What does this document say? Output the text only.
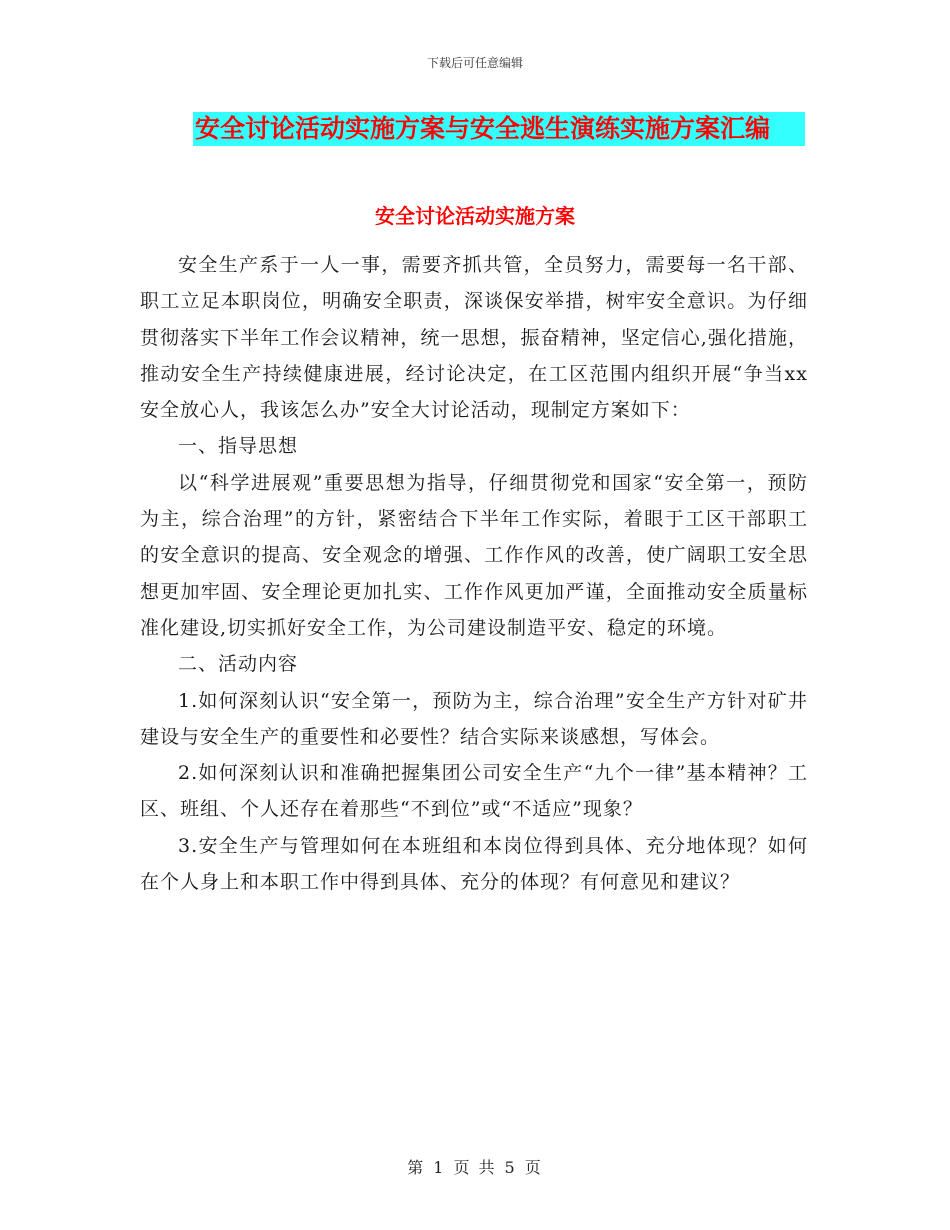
下载后可任意编辑
安全讨论活动实施方案与安全逃生演练实施方案汇编
安全讨论活动实施方案

安全生产系于一人一事，需要齐抓共管，全员努力，需要每一名干部、职工立足本职岗位，明确安全职责，深谈保安举措，树牢安全意识。为仔细贯彻落实下半年工作会议精神，统一思想，振奋精神，坚定信心,强化措施，推动安全生产持续健康进展，经讨论决定，在工区范围内组织开展“争当xx安全放心人，我该怎么办”安全大讨论活动，现制定方案如下：

一、指导思想

以“科学进展观”重要思想为指导，仔细贯彻党和国家“安全第一，预防为主，综合治理”的方针，紧密结合下半年工作实际，着眼于工区干部职工的安全意识的提高、安全观念的增强、工作作风的改善，使广阔职工安全思想更加牢固、安全理论更加扎实、工作作风更加严谨，全面推动安全质量标准化建设,切实抓好安全工作，为公司建设制造平安、稳定的环境。

二、活动内容

1.如何深刻认识“安全第一，预防为主，综合治理”安全生产方针对矿井建设与安全生产的重要性和必要性？结合实际来谈感想，写体会。

2.如何深刻认识和准确把握集团公司安全生产“九个一律”基本精神？工区、班组、个人还存在着那些“不到位”或“不适应”现象？

3.安全生产与管理如何在本班组和本岗位得到具体、充分地体现？如何在个人身上和本职工作中得到具体、充分的体现？有何意见和建议？

第 1 页 共 5 页
